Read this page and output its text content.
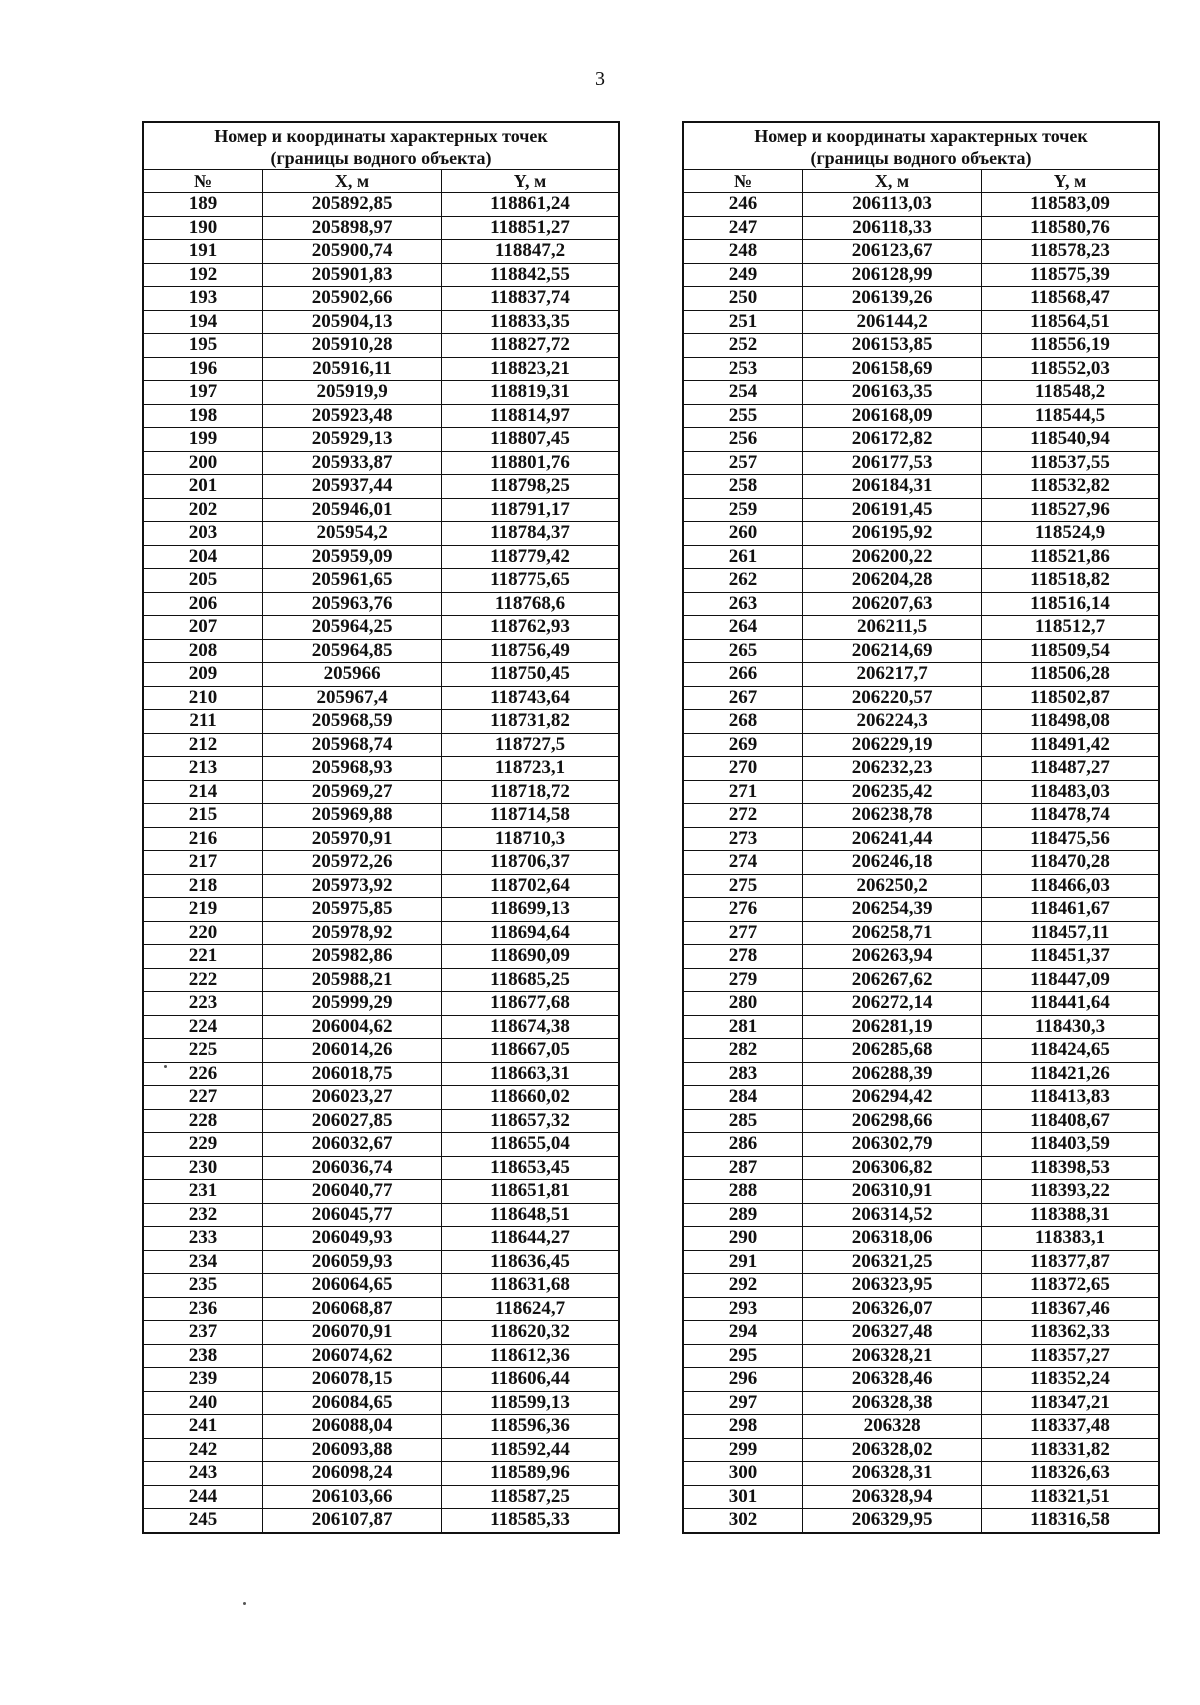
3
Номер и координаты характерных точек
(границы водного объекта)		
№	X, м	Y, м
189	205892,85	118861,24
190	205898,97	118851,27
191	205900,74	118847,2
192	205901,83	118842,55
193	205902,66	118837,74
194	205904,13	118833,35
195	205910,28	118827,72
196	205916,11	118823,21
197	205919,9	118819,31
198	205923,48	118814,97
199	205929,13	118807,45
200	205933,87	118801,76
201	205937,44	118798,25
202	205946,01	118791,17
203	205954,2	118784,37
204	205959,09	118779,42
205	205961,65	118775,65
206	205963,76	118768,6
207	205964,25	118762,93
208	205964,85	118756,49
209	205966	118750,45
210	205967,4	118743,64
211	205968,59	118731,82
212	205968,74	118727,5
213	205968,93	118723,1
214	205969,27	118718,72
215	205969,88	118714,58
216	205970,91	118710,3
217	205972,26	118706,37
218	205973,92	118702,64
219	205975,85	118699,13
220	205978,92	118694,64
221	205982,86	118690,09
222	205988,21	118685,25
223	205999,29	118677,68
224	206004,62	118674,38
225	206014,26	118667,05
226	206018,75	118663,31
227	206023,27	118660,02
228	206027,85	118657,32
229	206032,67	118655,04
230	206036,74	118653,45
231	206040,77	118651,81
232	206045,77	118648,51
233	206049,93	118644,27
234	206059,93	118636,45
235	206064,65	118631,68
236	206068,87	118624,7
237	206070,91	118620,32
238	206074,62	118612,36
239	206078,15	118606,44
240	206084,65	118599,13
241	206088,04	118596,36
242	206093,88	118592,44
243	206098,24	118589,96
244	206103,66	118587,25
245	206107,87	118585,33
Номер и координаты характерных точек
(границы водного объекта)		
№	X, м	Y, м
246	206113,03	118583,09
247	206118,33	118580,76
248	206123,67	118578,23
249	206128,99	118575,39
250	206139,26	118568,47
251	206144,2	118564,51
252	206153,85	118556,19
253	206158,69	118552,03
254	206163,35	118548,2
255	206168,09	118544,5
256	206172,82	118540,94
257	206177,53	118537,55
258	206184,31	118532,82
259	206191,45	118527,96
260	206195,92	118524,9
261	206200,22	118521,86
262	206204,28	118518,82
263	206207,63	118516,14
264	206211,5	118512,7
265	206214,69	118509,54
266	206217,7	118506,28
267	206220,57	118502,87
268	206224,3	118498,08
269	206229,19	118491,42
270	206232,23	118487,27
271	206235,42	118483,03
272	206238,78	118478,74
273	206241,44	118475,56
274	206246,18	118470,28
275	206250,2	118466,03
276	206254,39	118461,67
277	206258,71	118457,11
278	206263,94	118451,37
279	206267,62	118447,09
280	206272,14	118441,64
281	206281,19	118430,3
282	206285,68	118424,65
283	206288,39	118421,26
284	206294,42	118413,83
285	206298,66	118408,67
286	206302,79	118403,59
287	206306,82	118398,53
288	206310,91	118393,22
289	206314,52	118388,31
290	206318,06	118383,1
291	206321,25	118377,87
292	206323,95	118372,65
293	206326,07	118367,46
294	206327,48	118362,33
295	206328,21	118357,27
296	206328,46	118352,24
297	206328,38	118347,21
298	206328	118337,48
299	206328,02	118331,82
300	206328,31	118326,63
301	206328,94	118321,51
302	206329,95	118316,58
